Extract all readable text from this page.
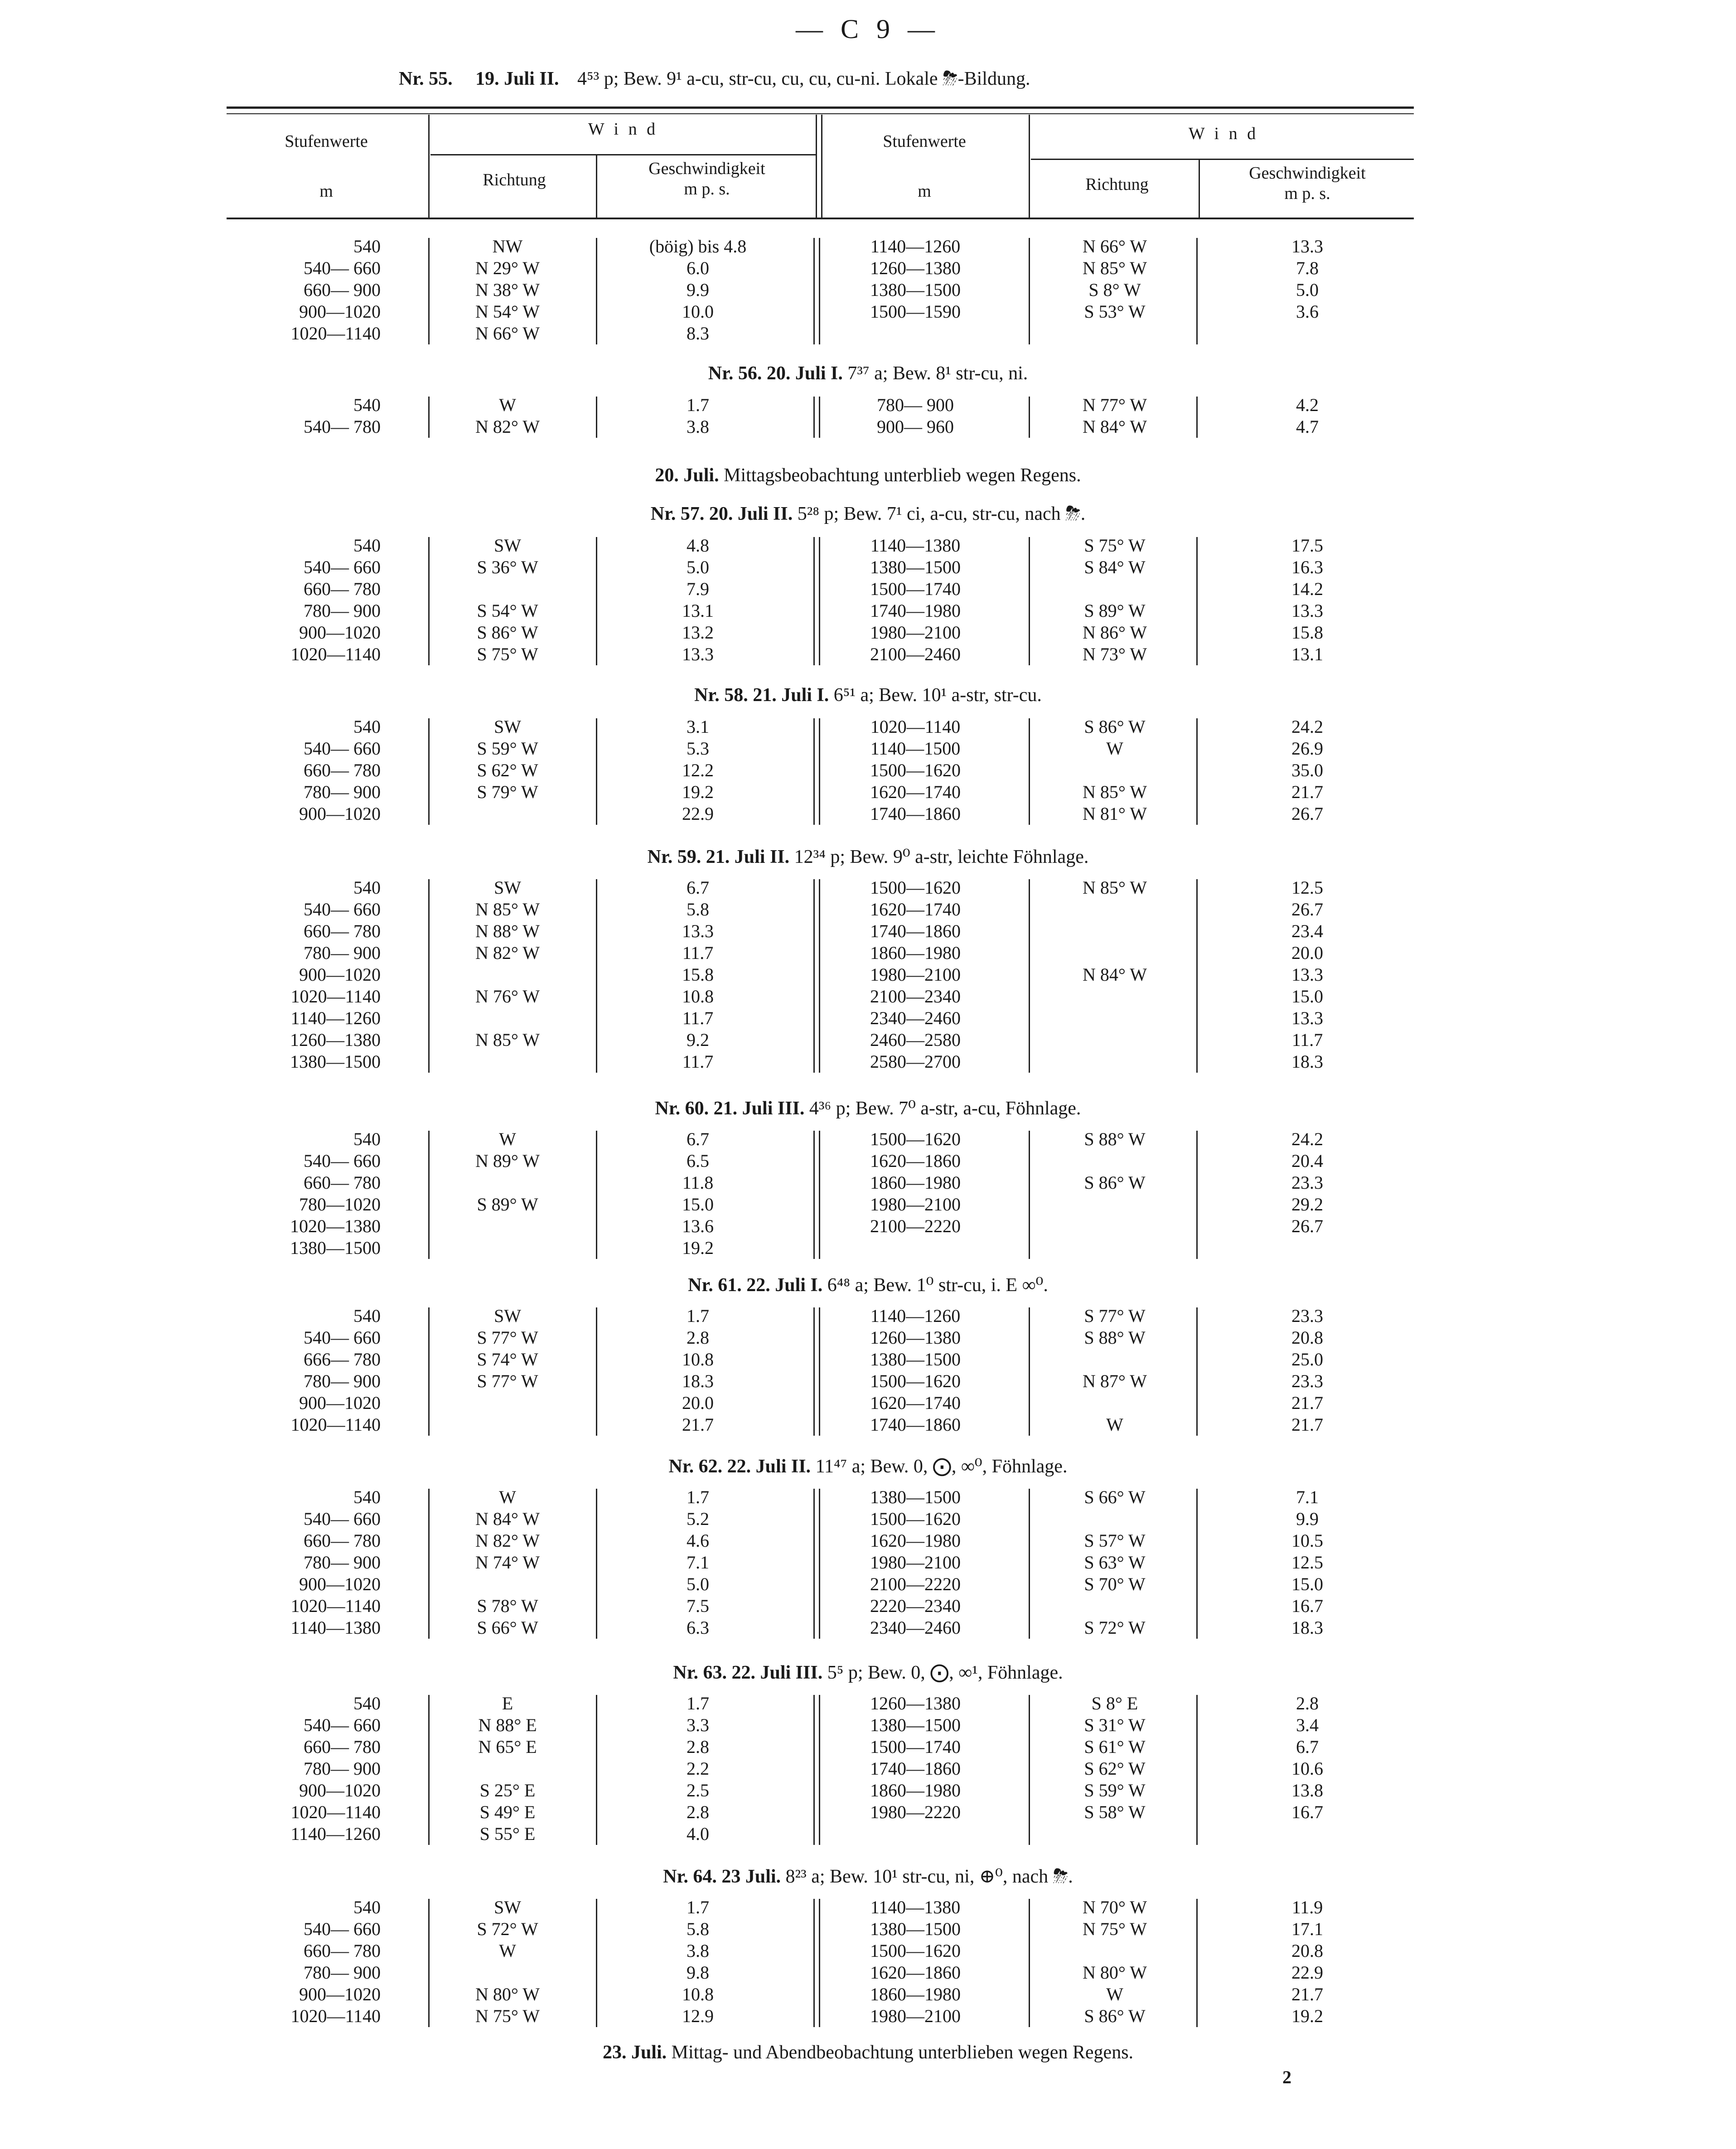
— C 9 —
Nr. 55. 19. Juli II. 4⁵³ p; Bew. 9¹ a-cu, str-cu, cu, cu, cu-ni. Lokale ⛈-Bildung.
Stufenwerte
m
W i n d
Richtung
Geschwindigkeit
m p. s.
Stufenwerte
m
W i n d
Richtung
Geschwindigkeit
m p. s.
540
540— 660
660— 900
900—1020
1020—1140
NW
N 29° W
N 38° W
N 54° W
N 66° W
(böig) bis 4.8
6.0
9.9
10.0
8.3
1140—1260
1260—1380
1380—1500
1500—1590
N 66° W
N 85° W
S 8° W
S 53° W
13.3
7.8
5.0
3.6
Nr. 56. 20. Juli I. 7³⁷ a; Bew. 8¹ str-cu, ni.
540
540— 780
W
N 82° W
1.7
3.8
780— 900
900— 960
N 77° W
N 84° W
4.2
4.7
Nr. 57. 20. Juli II. 5²⁸ p; Bew. 7¹ ci, a-cu, str-cu, nach ⛈.
540
540— 660
660— 780
780— 900
900—1020
1020—1140
SW
S 36° W
S 54° W
S 86° W
S 75° W
4.8
5.0
7.9
13.1
13.2
13.3
1140—1380
1380—1500
1500—1740
1740—1980
1980—2100
2100—2460
S 75° W
S 84° W
S 89° W
N 86° W
N 73° W
17.5
16.3
14.2
13.3
15.8
13.1
Nr. 58. 21. Juli I. 6⁵¹ a; Bew. 10¹ a-str, str-cu.
540
540— 660
660— 780
780— 900
900—1020
SW
S 59° W
S 62° W
S 79° W
3.1
5.3
12.2
19.2
22.9
1020—1140
1140—1500
1500—1620
1620—1740
1740—1860
S 86° W
W
N 85° W
N 81° W
24.2
26.9
35.0
21.7
26.7
Nr. 59. 21. Juli II. 12³⁴ p; Bew. 9⁰ a-str, leichte Föhnlage.
540
540— 660
660— 780
780— 900
900—1020
1020—1140
1140—1260
1260—1380
1380—1500
SW
N 85° W
N 88° W
N 82° W
N 76° W
N 85° W
6.7
5.8
13.3
11.7
15.8
10.8
11.7
9.2
11.7
1500—1620
1620—1740
1740—1860
1860—1980
1980—2100
2100—2340
2340—2460
2460—2580
2580—2700
N 85° W
N 84° W
12.5
26.7
23.4
20.0
13.3
15.0
13.3
11.7
18.3
Nr. 60. 21. Juli III. 4³⁶ p; Bew. 7⁰ a-str, a-cu, Föhnlage.
540
540— 660
660— 780
780—1020
1020—1380
1380—1500
W
N 89° W
S 89° W
6.7
6.5
11.8
15.0
13.6
19.2
1500—1620
1620—1860
1860—1980
1980—2100
2100—2220
S 88° W
S 86° W
24.2
20.4
23.3
29.2
26.7
Nr. 61. 22. Juli I. 6⁴⁸ a; Bew. 1⁰ str-cu, i. E ∞⁰.
540
540— 660
666— 780
780— 900
900—1020
1020—1140
SW
S 77° W
S 74° W
S 77° W
1.7
2.8
10.8
18.3
20.0
21.7
1140—1260
1260—1380
1380—1500
1500—1620
1620—1740
1740—1860
S 77° W
S 88° W
N 87° W
W
23.3
20.8
25.0
23.3
21.7
21.7
Nr. 62. 22. Juli II. 11⁴⁷ a; Bew. 0, ⨀, ∞⁰, Föhnlage.
540
540— 660
660— 780
780— 900
900—1020
1020—1140
1140—1380
W
N 84° W
N 82° W
N 74° W
S 78° W
S 66° W
1.7
5.2
4.6
7.1
5.0
7.5
6.3
1380—1500
1500—1620
1620—1980
1980—2100
2100—2220
2220—2340
2340—2460
S 66° W
S 57° W
S 63° W
S 70° W
S 72° W
7.1
9.9
10.5
12.5
15.0
16.7
18.3
Nr. 63. 22. Juli III. 5⁵ p; Bew. 0, ⨀, ∞¹, Föhnlage.
540
540— 660
660— 780
780— 900
900—1020
1020—1140
1140—1260
E
N 88° E
N 65° E
S 25° E
S 49° E
S 55° E
1.7
3.3
2.8
2.2
2.5
2.8
4.0
1260—1380
1380—1500
1500—1740
1740—1860
1860—1980
1980—2220
S 8° E
S 31° W
S 61° W
S 62° W
S 59° W
S 58° W
2.8
3.4
6.7
10.6
13.8
16.7
Nr. 64. 23 Juli. 8²³ a; Bew. 10¹ str-cu, ni, ⊕⁰, nach ⛈.
540
540— 660
660— 780
780— 900
900—1020
1020—1140
SW
S 72° W
W
N 80° W
N 75° W
1.7
5.8
3.8
9.8
10.8
12.9
1140—1380
1380—1500
1500—1620
1620—1860
1860—1980
1980—2100
N 70° W
N 75° W
N 80° W
W
S 86° W
11.9
17.1
20.8
22.9
21.7
19.2
20. Juli. Mittagsbeobachtung unterblieb wegen Regens.
23. Juli. Mittag- und Abendbeobachtung unterblieben wegen Regens.
2
